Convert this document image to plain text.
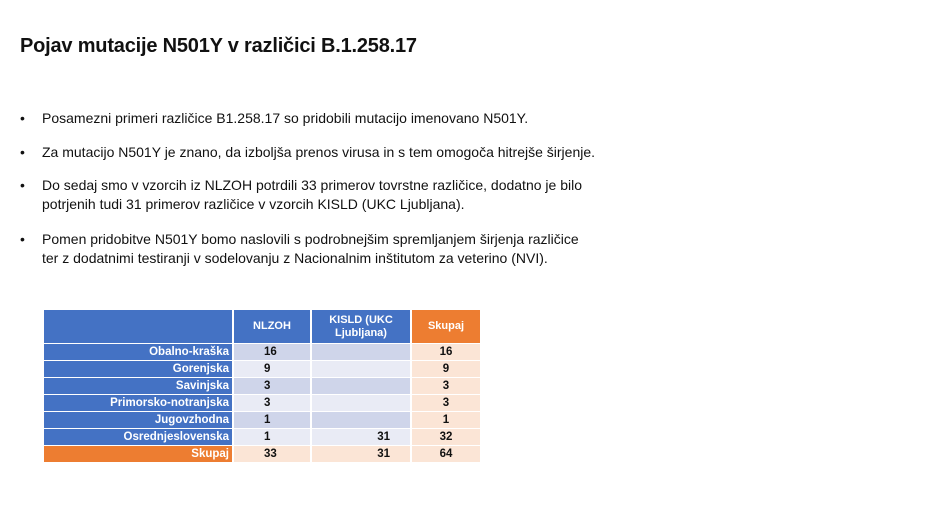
Pojav mutacije N501Y v različici B.1.258.17
• Posamezni primeri različice B1.258.17 so pridobili mutacijo imenovano N501Y.
• Za mutacijo N501Y je znano, da izboljša prenos virusa in s tem omogoča hitrejše širjenje.
• Do sedaj smo v vzorcih iz NLZOH potrdili 33 primerov tovrstne različice, dodatno je bilo
potrjenih tudi 31 primerov različice v vzorcih KISLD (UKC Ljubljana).
• Pomen pridobitve N501Y bomo naslovili s podrobnejšim spremljanjem širjenja različice
ter z dodatnimi testiranji v sodelovanju z Nacionalnim inštitutom za veterino (NVI).
	NLZOH	KISLD (UKC Ljubljana)	Skupaj
Obalno-kraška	16		16
Gorenjska	9		9
Savinjska	3		3
Primorsko-notranjska	3		3
Jugovzhodna	1		1
Osrednjeslovenska	1	31	32
Skupaj	33	31	64
